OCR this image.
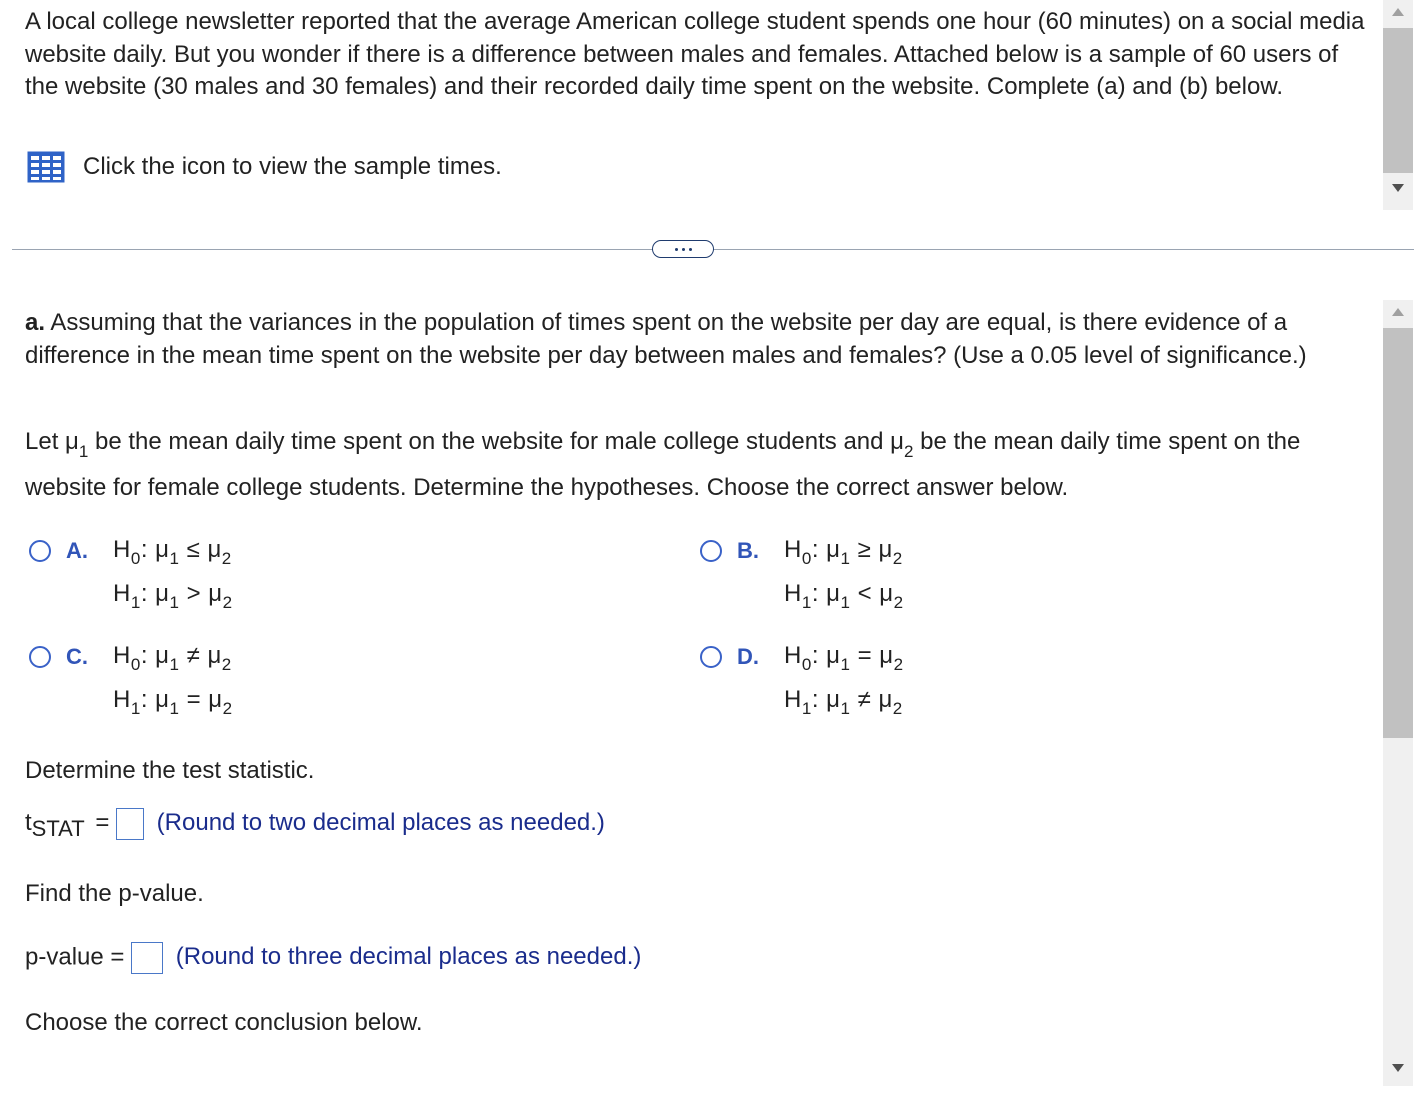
A local college newsletter reported that the average American college student spends one hour (60 minutes) on a social media website daily. But you wonder if there is a difference between males and females. Attached below is a sample of 60 users of the website (30 males and 30 females) and their recorded daily time spent on the website. Complete (a) and (b) below.

Click the icon to view the sample times.

a. Assuming that the variances in the population of times spent on the website per day are equal, is there evidence of a difference in the mean time spent on the website per day between males and females? (Use a 0.05 level of significance.)

Let $\mu_1$ be the mean daily time spent on the website for male college students and $\mu_2$ be the mean daily time spent on the website for female college students. Determine the hypotheses. Choose the correct answer below.

A. $H_0$: $\mu_1 \le \mu_2$
$H_1$: $\mu_1 > \mu_2$
B. $H_0$: $\mu_1 \ge \mu_2$
$H_1$: $\mu_1 < \mu_2$
C. $H_0$: $\mu_1 \ne \mu_2$
$H_1$: $\mu_1 = \mu_2$
D. $H_0$: $\mu_1 = \mu_2$
$H_1$: $\mu_1 \ne \mu_2$
Determine the test statistic.
tSTAT = (Round to two decimal places as needed.)
Find the p-value.
p-value = (Round to three decimal places as needed.)
Choose the correct conclusion below.
